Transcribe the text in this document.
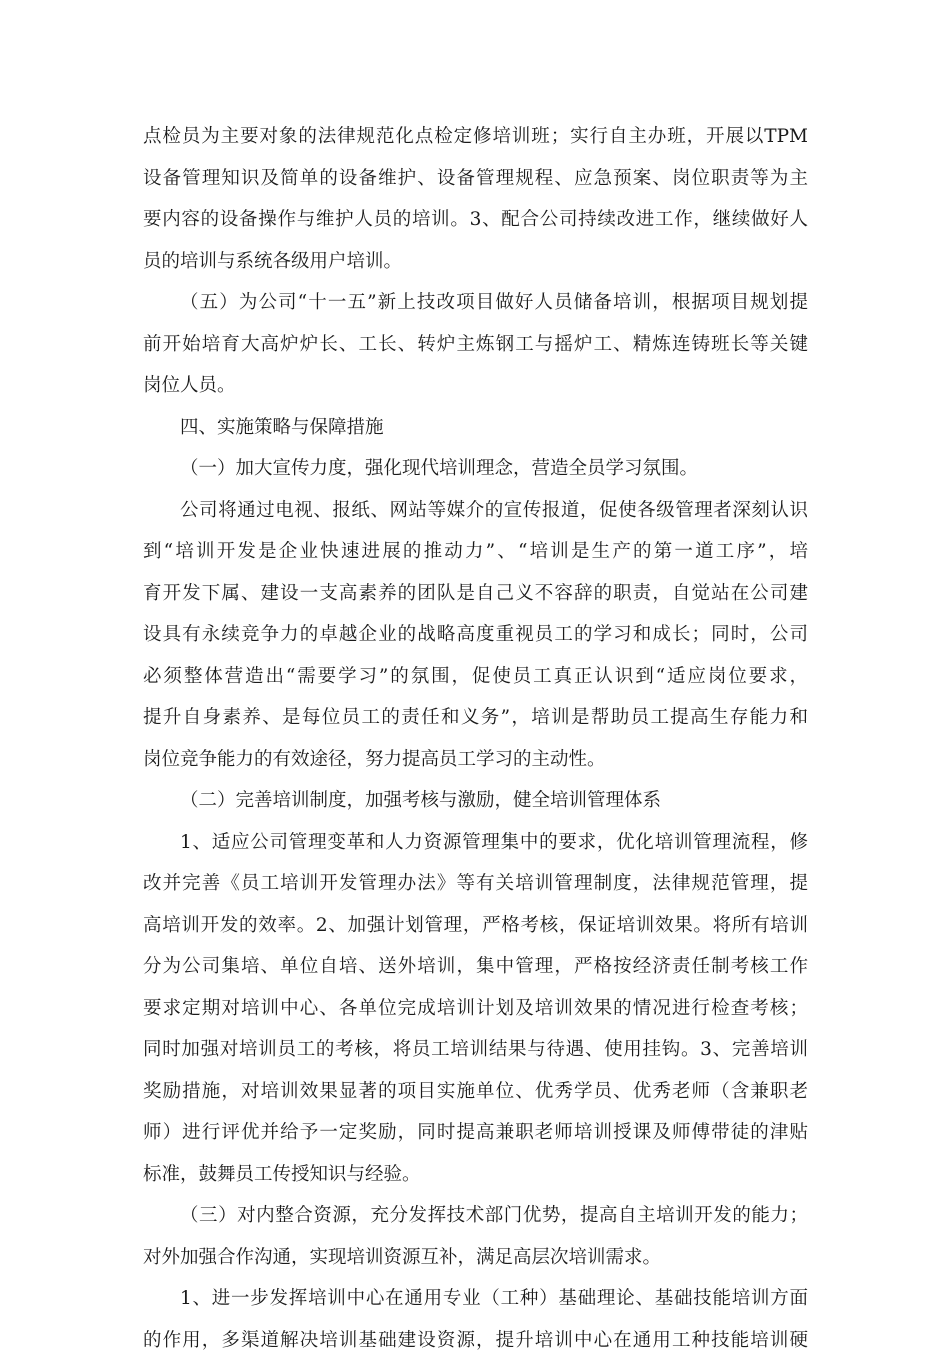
点检员为主要对象的法律规范化点检定修培训班；实行自主办班，开展以TPM
设备管理知识及简单的设备维护、设备管理规程、应急预案、岗位职责等为主
要内容的设备操作与维护人员的培训。3、配合公司持续改进工作，继续做好人
员的培训与系统各级用户培训。
（五）为公司“十一五”新上技改项目做好人员储备培训，根据项目规划提
前开始培育大高炉炉长、工长、转炉主炼钢工与摇炉工、精炼连铸班长等关键
岗位人员。
四、实施策略与保障措施
（一）加大宣传力度，强化现代培训理念，营造全员学习氛围。
公司将通过电视、报纸、网站等媒介的宣传报道，促使各级管理者深刻认识
到“培训开发是企业快速进展的推动力”、“培训是生产的第一道工序”，培
育开发下属、建设一支高素养的团队是自己义不容辞的职责，自觉站在公司建
设具有永续竞争力的卓越企业的战略高度重视员工的学习和成长；同时，公司
必须整体营造出“需要学习”的氛围，促使员工真正认识到“适应岗位要求，
提升自身素养、是每位员工的责任和义务”，培训是帮助员工提高生存能力和
岗位竞争能力的有效途径，努力提高员工学习的主动性。
（二）完善培训制度，加强考核与激励，健全培训管理体系
1、适应公司管理变革和人力资源管理集中的要求，优化培训管理流程，修
改并完善《员工培训开发管理办法》等有关培训管理制度，法律规范管理，提
高培训开发的效率。2、加强计划管理，严格考核，保证培训效果。将所有培训
分为公司集培、单位自培、送外培训，集中管理，严格按经济责任制考核工作
要求定期对培训中心、各单位完成培训计划及培训效果的情况进行检查考核；
同时加强对培训员工的考核，将员工培训结果与待遇、使用挂钩。3、完善培训
奖励措施，对培训效果显著的项目实施单位、优秀学员、优秀老师（含兼职老
师）进行评优并给予一定奖励，同时提高兼职老师培训授课及师傅带徒的津贴
标准，鼓舞员工传授知识与经验。
（三）对内整合资源，充分发挥技术部门优势，提高自主培训开发的能力；
对外加强合作沟通，实现培训资源互补，满足高层次培训需求。
1、进一步发挥培训中心在通用专业（工种）基础理论、基础技能培训方面
的作用，多渠道解决培训基础建设资源，提升培训中心在通用工种技能培训硬
